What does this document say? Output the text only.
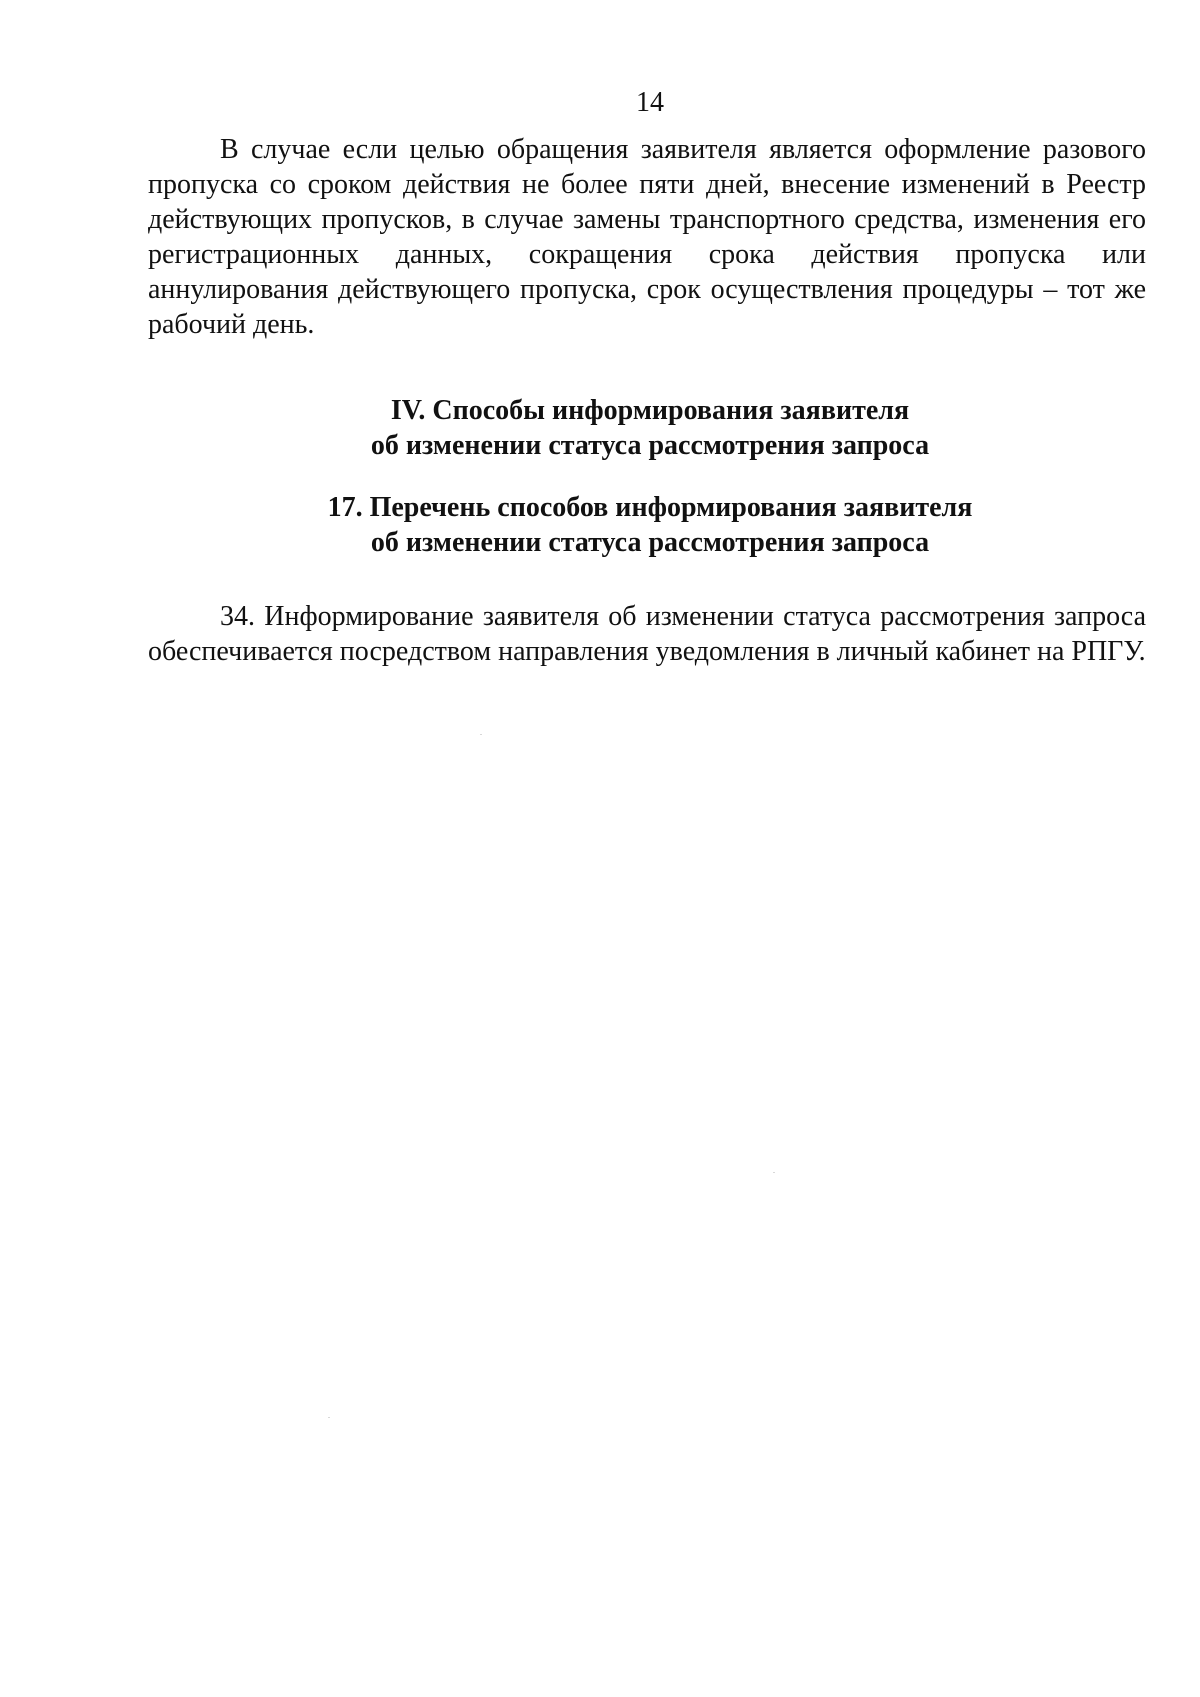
14

В случае если целью обращения заявителя является оформление разового пропуска со сроком действия не более пяти дней, внесение изменений в Реестр действующих пропусков, в случае замены транспортного средства, изменения его регистрационных данных, сокращения срока действия пропуска или аннулирования действующего пропуска, срок осуществления процедуры – тот же рабочий день.

IV. Способы информирования заявителя
об изменении статуса рассмотрения запроса
17. Перечень способов информирования заявителя
об изменении статуса рассмотрения запроса

34. Информирование заявителя об изменении статуса рассмотрения запроса обеспечивается посредством направления уведомления в личный кабинет на РПГУ.
